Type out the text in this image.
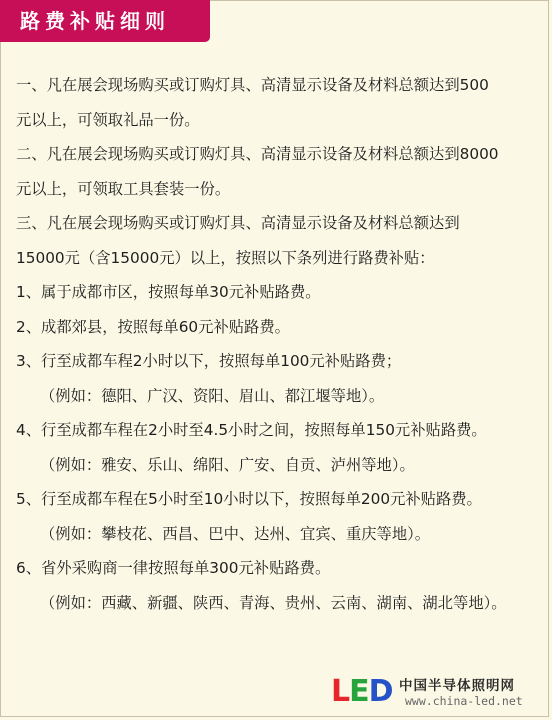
路费补贴细则
一、凡在展会现场购买或订购灯具、高清显示设备及材料总额达到500
元以上，可领取礼品一份。
二、凡在展会现场购买或订购灯具、高清显示设备及材料总额达到8000
元以上，可领取工具套装一份。
三、凡在展会现场购买或订购灯具、高清显示设备及材料总额达到
15000元（含15000元）以上，按照以下条列进行路费补贴：
1、属于成都市区，按照每单30元补贴路费。
2、成都郊县，按照每单60元补贴路费。
3、行至成都车程2小时以下，按照每单100元补贴路费；
（例如：德阳、广汉、资阳、眉山、都江堰等地）。
4、行至成都车程在2小时至4.5小时之间，按照每单150元补贴路费。
（例如：雅安、乐山、绵阳、广安、自贡、泸州等地）。
5、行至成都车程在5小时至10小时以下，按照每单200元补贴路费。
（例如：攀枝花、西昌、巴中、达州、宜宾、重庆等地）。
6、省外采购商一律按照每单300元补贴路费。
（例如：西藏、新疆、陕西、青海、贵州、云南、湖南、湖北等地）。
LED 中国半导体照明网
www.china-led.net
